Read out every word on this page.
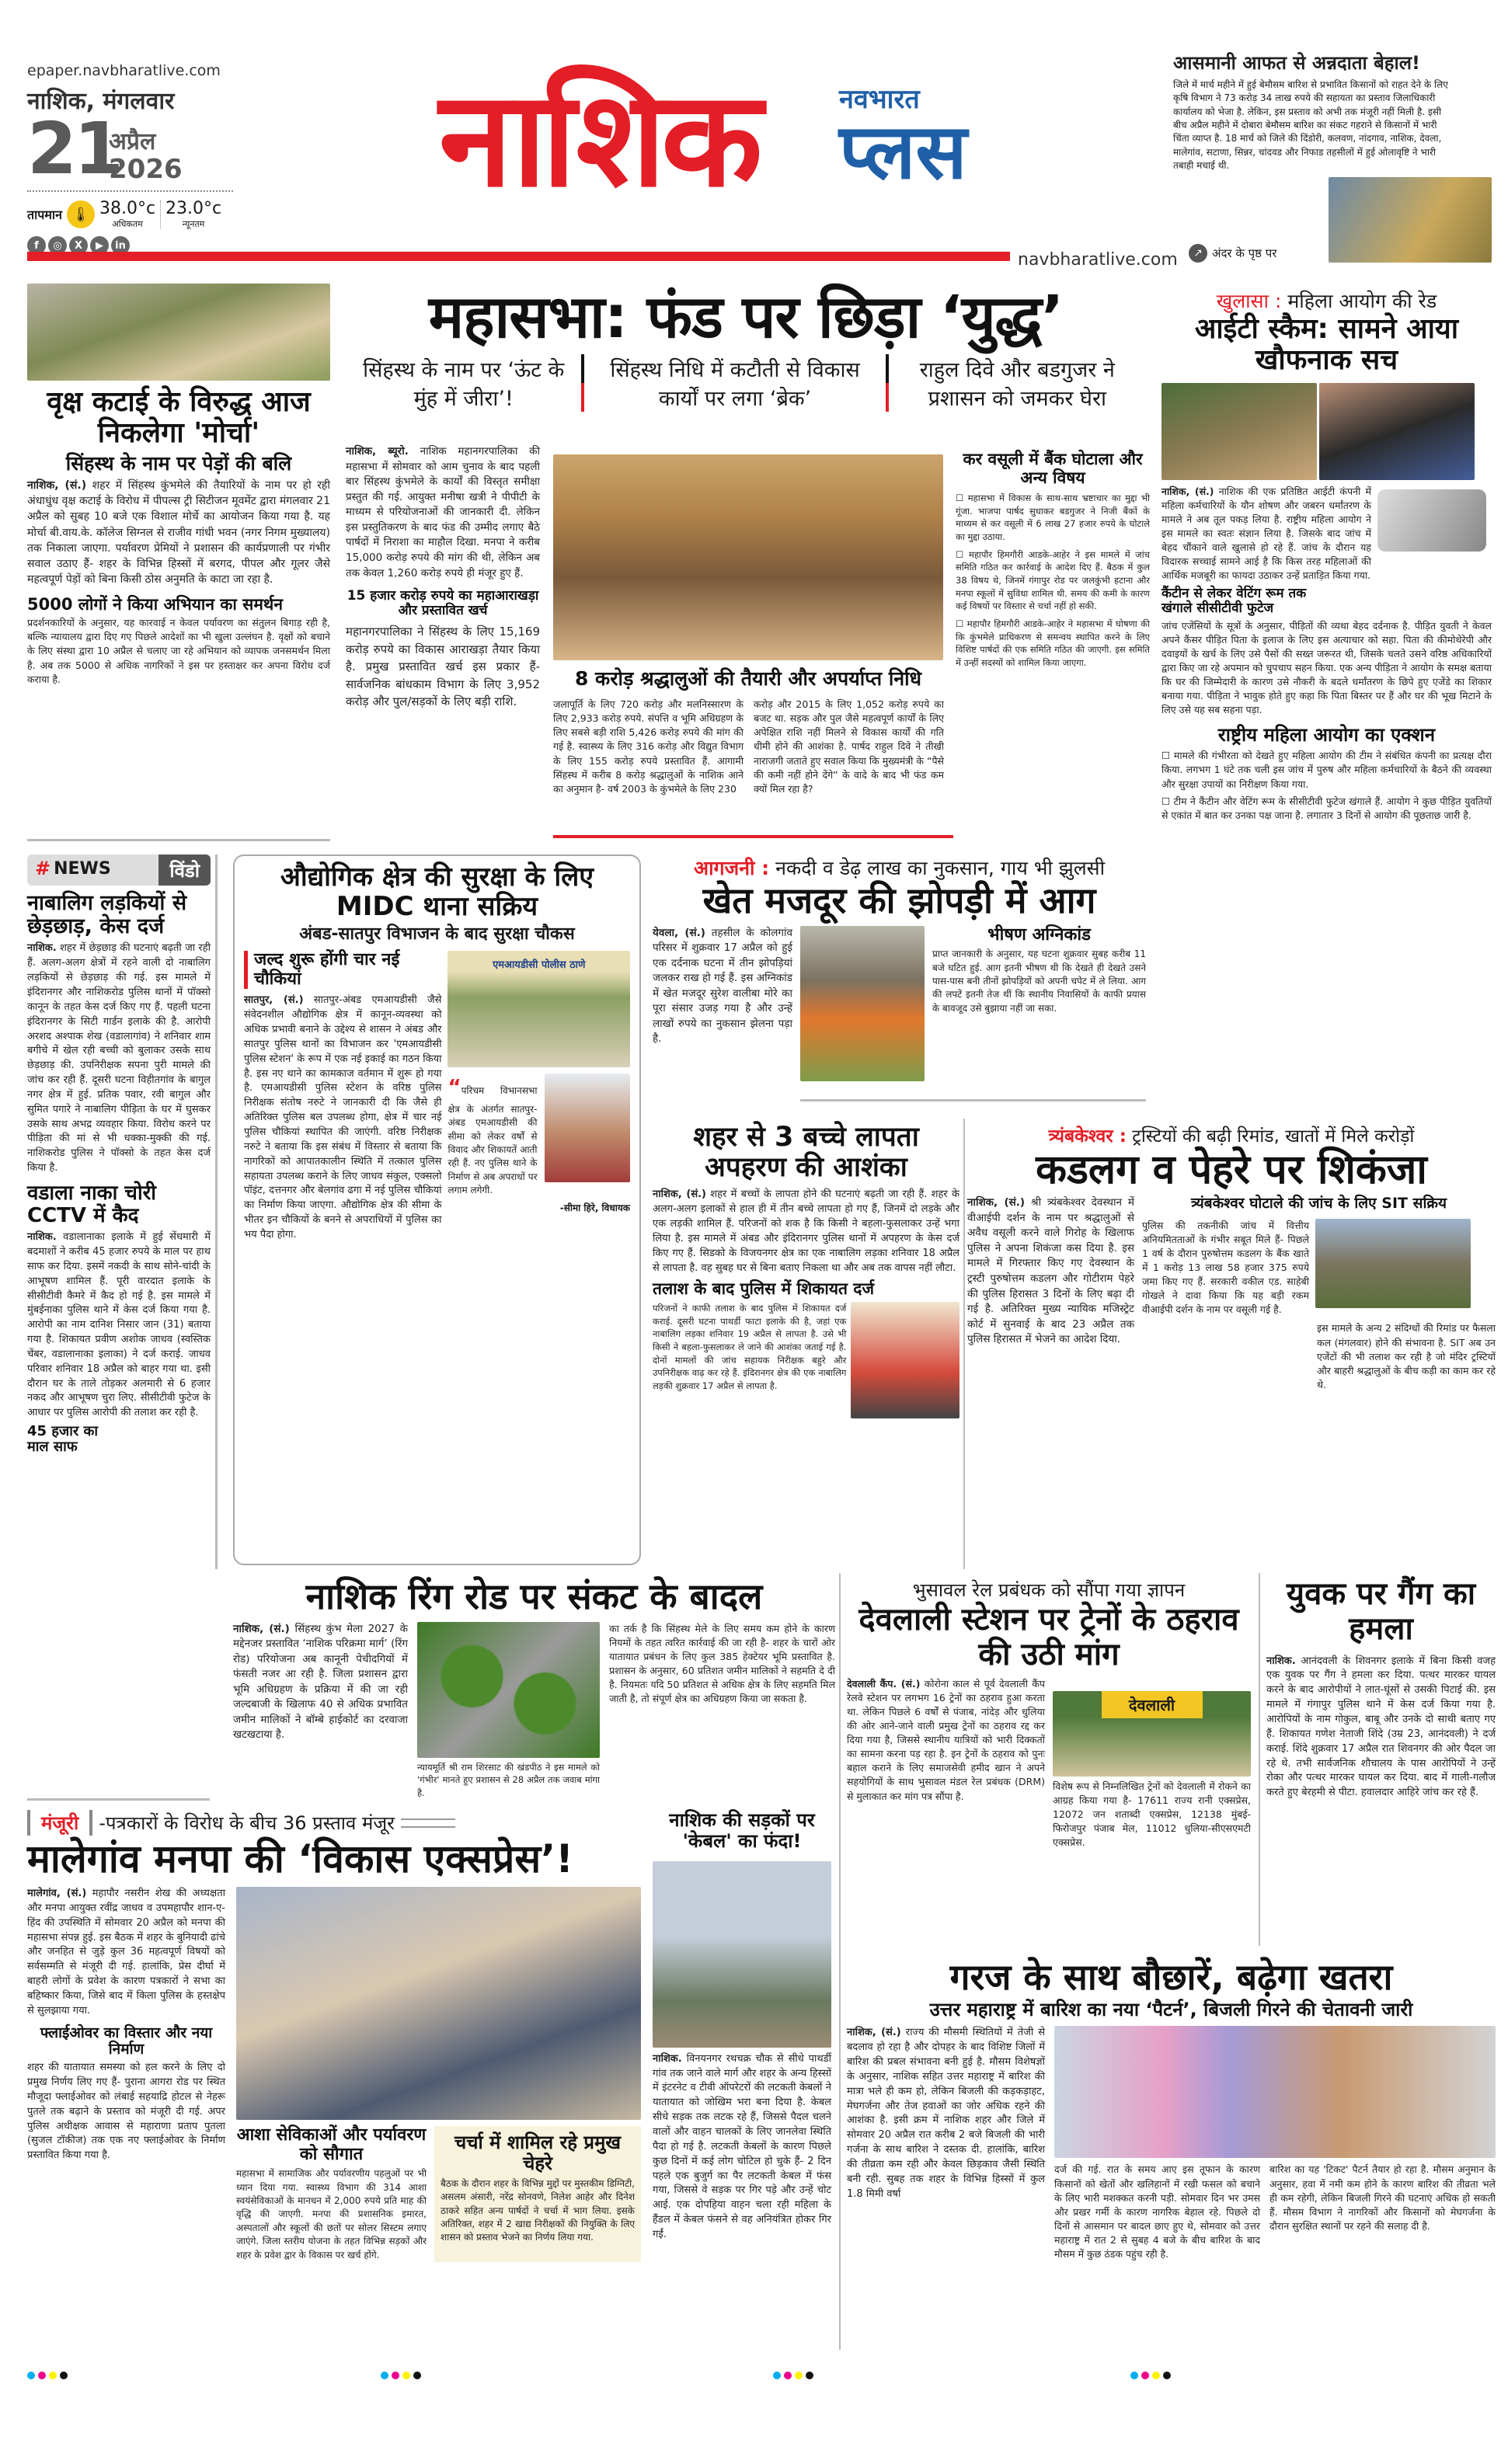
epaper.navbharatlive.com
नाशिक, मंगलवार
21
अप्रैल
2026
तापमान 🌡 38.0°c
अधिकतम
23.0°c
न्यूनतम
f	◎	X	▶	in
नाशिक	नवभारत
प्लस
navbharatlive.com
आसमानी आफत से अन्नदाता बेहाल!
जिले में मार्च महीने में हुई बेमौसम बारिश से प्रभावित किसानों को राहत देने के लिए कृषि विभाग ने 73 करोड़ 34 लाख रुपये की सहायता का प्रस्ताव जिलाधिकारी कार्यालय को भेजा है. लेकिन, इस प्रस्ताव को अभी तक मंजूरी नहीं मिली है. इसी बीच अप्रैल महीने में दोबारा बेमौसम बारिश का संकट गहराने से किसानों में भारी चिंता व्याप्त है. 18 मार्च को जिले की दिंडोरी, कलवण, नांदगाव, नाशिक, देवला, मालेगांव, सटाणा, सिन्नर, चांदवड और निफाड तहसीलों में हुई ओलावृष्टि ने भारी तबाही मचाई थी.
↗ अंदर के पृष्ठ पर
वृक्ष कटाई के विरुद्ध आज निकलेगा 'मोर्चा'
सिंहस्थ के नाम पर पेड़ों की बलि
नाशिक, (सं.) शहर में सिंहस्थ कुंभमेले की तैयारियों के नाम पर हो रही अंधाधुंध वृक्ष कटाई के विरोध में पीपल्स ट्री सिटीजन मूवमेंट द्वारा मंगलवार 21 अप्रैल को सुबह 10 बजे एक विशाल मोर्चे का आयोजन किया गया है. यह मोर्चा बी.वाय.के. कॉलेज सिग्नल से राजीव गांधी भवन (नगर निगम मुख्यालय) तक निकाला जाएगा. पर्यावरण प्रेमियों ने प्रशासन की कार्यप्रणाली पर गंभीर सवाल उठाए हैं- शहर के विभिन्न हिस्सों में बरगद, पीपल और गूलर जैसे महत्वपूर्ण पेड़ों को बिना किसी ठोस अनुमति के काटा जा रहा है.
5000 लोगों ने किया अभियान का समर्थन
प्रदर्शनकारियों के अनुसार, यह कारवाई न केवल पर्यावरण का संतुलन बिगाड़ रही है, बल्कि न्यायालय द्वारा दिए गए पिछले आदेशों का भी खुला उल्लंघन है. वृक्षों को बचाने के लिए संस्था द्वारा 10 अप्रैल से चलाए जा रहे अभियान को व्यापक जनसमर्थन मिला है. अब तक 5000 से अधिक नागरिकों ने इस पर हस्ताक्षर कर अपना विरोध दर्ज कराया है.
महासभा: फंड पर छिड़ा ‘युद्ध’
सिंहस्थ के नाम पर ‘ऊंट के मुंह में जीरा’!
सिंहस्थ निधि में कटौती से विकास कार्यों पर लगा ‘ब्रेक’
राहुल दिवे और बडगुजर ने प्रशासन को जमकर घेरा
नाशिक, ब्यूरो. नाशिक महानगरपालिका की महासभा में सोमवार को आम चुनाव के बाद पहली बार सिंहस्थ कुंभमेले के कार्यों की विस्तृत समीक्षा प्रस्तुत की गई. आयुक्त मनीषा खत्री ने पीपीटी के माध्यम से परियोजनाओं की जानकारी दी. लेकिन इस प्रस्तुतिकरण के बाद फंड की उम्मीद लगाए बैठे पार्षदों में निराशा का माहौल दिखा. मनपा ने करीब 15,000 करोड़ रुपये की मांग की थी, लेकिन अब तक केवल 1,260 करोड़ रुपये ही मंजूर हुए हैं.
15 हजार करोड़ रुपये का महाआराखड़ा और प्रस्तावित खर्च
महानगरपालिका ने सिंहस्थ के लिए 15,169 करोड़ रुपये का विकास आराखड़ा तैयार किया है. प्रमुख प्रस्तावित खर्च इस प्रकार हैं- सार्वजनिक बांधकाम विभाग के लिए 3,952 करोड़ और पुल/सड़कों के लिए बड़ी राशि.
8 करोड़ श्रद्धालुओं की तैयारी और अपर्याप्त निधि
जलापूर्ति के लिए 720 करोड़ और मलनिस्सारण के लिए 2,933 करोड़ रुपये. संपत्ति व भूमि अधिग्रहण के लिए सबसे बड़ी राशि 5,426 करोड़ रुपये की मांग की गई है. स्वास्थ्य के लिए 316 करोड़ और विद्युत विभाग के लिए 155 करोड़ रुपये प्रस्तावित हैं. आगामी सिंहस्थ में करीब 8 करोड़ श्रद्धालुओं के नाशिक आने का अनुमान है- वर्ष 2003 के कुंभमेले के लिए 230
करोड़ और 2015 के लिए 1,052 करोड़ रुपये का बजट था. सड़क और पुल जैसे महत्वपूर्ण कार्यों के लिए अपेक्षित राशि नहीं मिलने से विकास कार्यों की गति धीमी होने की आशंका है. पार्षद राहुल दिवे ने तीखी नाराजगी जताते हुए सवाल किया कि मुख्यमंत्री के “पैसे की कमी नहीं होने देंगे” के वादे के बाद भी फंड कम क्यों मिल रहा है?
कर वसूली में बैंक घोटाला और अन्य विषय

☐ महासभा में विकास के साथ-साथ भ्रष्टाचार का मुद्दा भी गूंजा. भाजपा पार्षद सुधाकर बडगुजर ने निजी बैंकों के माध्यम से कर वसूली में 6 लाख 27 हजार रुपये के घोटाले का मुद्दा उठाया.

☐ महापौर हिमगौरी आडके-आहेर ने इस मामले में जांच समिति गठित कर कार्रवाई के आदेश दिए हैं. बैठक में कुल 38 विषय थे, जिनमें गंगापुर रोड पर जलकुंभी हटाना और मनपा स्कूलों में सुविधा शामिल थी. समय की कमी के कारण कई विषयों पर विस्तार से चर्चा नहीं हो सकी.

☐ महापौर हिमगौरी आडके-आहेर ने महासभा में घोषणा की कि कुंभमेले प्राधिकरण से समन्वय स्थापित करने के लिए विशिष्ट पार्षदों की एक समिति गठित की जाएगी. इस समिति में उन्हीं सदस्यों को शामिल किया जाएगा.

खुलासा : महिला आयोग की रेड
आईटी स्कैम: सामने आया खौफनाक सच
नाशिक, (सं.) नाशिक की एक प्रतिष्ठित आईटी कंपनी में महिला कर्मचारियों के यौन शोषण और जबरन धर्मांतरण के मामले ने अब तूल पकड़ लिया है. राष्ट्रीय महिला आयोग ने इस मामले का स्वतः संज्ञान लिया है. जिसके बाद जांच में बेहद चौंकाने वाले खुलासे हो रहे हैं. जांच के दौरान यह विदारक सच्चाई सामने आई है कि किस तरह महिलाओं की आर्थिक मजबूरी का फायदा उठाकर उन्हें प्रताड़ित किया गया.
कैंटीन से लेकर वेटिंग रूम तक खंगाले सीसीटीवी फुटेज
जांच एजेंसियों के सूत्रों के अनुसार, पीड़ितों की व्यथा बेहद दर्दनाक है. पीड़ित युवती ने केवल अपने कैंसर पीड़ित पिता के इलाज के लिए इस अत्याचार को सहा. पिता की कीमोथेरेपी और दवाइयों के खर्च के लिए उसे पैसों की सख्त जरूरत थी, जिसके चलते उसने वरिष्ठ अधिकारियों द्वारा किए जा रहे अपमान को चुपचाप सहन किया. एक अन्य पीड़िता ने आयोग के समक्ष बताया कि घर की जिम्मेदारी के कारण उसे नौकरी के बदले धर्मांतरण के छिपे हुए एजेंडे का शिकार बनाया गया. पीड़िता ने भावुक होते हुए कहा कि पिता बिस्तर पर हैं और घर की भूख मिटाने के लिए उसे यह सब सहना पड़ा.
राष्ट्रीय महिला आयोग का एक्शन

☐ मामले की गंभीरता को देखते हुए महिला आयोग की टीम ने संबंधित कंपनी का प्रत्यक्ष दौरा किया. लगभग 1 घंटे तक चली इस जांच में पुरुष और महिला कर्मचारियों के बैठने की व्यवस्था और सुरक्षा उपायों का निरीक्षण किया गया.

☐ टीम ने कैंटीन और वेटिंग रूम के सीसीटीवी फुटेज खंगाले हैं. आयोग ने कुछ पीड़ित युवतियों से एकांत में बात कर उनका पक्ष जाना है. लगातार 3 दिनों से आयोग की पूछताछ जारी है.

# NEWS	विंडो
नाबालिग लड़कियों से छेड़छाड़, केस दर्ज
नाशिक. शहर में छेड़छाड़ की घटनाएं बढ़ती जा रही हैं. अलग-अलग क्षेत्रों में रहने वाली दो नाबालिग लड़कियों से छेड़छाड़ की गई. इस मामले में इंदिरानगर और नाशिकरोड पुलिस थानों में पॉक्सो कानून के तहत केस दर्ज किए गए हैं. पहली घटना इंदिरानगर के सिटी गार्डन इलाके की है. आरोपी अरशद अश्पाक शेख (वडालागांव) ने शनिवार शाम बगीचे में खेल रही बच्ची को बुलाकर उसके साथ छेड़छाड़ की. उपनिरीक्षक सपना पुरी मामले की जांच कर रही हैं. दूसरी घटना विहीतगांव के बागुल नगर क्षेत्र में हुई. प्रतिक पवार, रवी बागुल और सुमित पगारे ने नाबालिग पीड़िता के घर में घुसकर उसके साथ अभद्र व्यवहार किया. विरोध करने पर पीड़िता की मां से भी धक्का-मुक्की की गई. नाशिकरोड पुलिस ने पॉक्सो के तहत केस दर्ज किया है.
वडाला नाका चोरी CCTV में कैद
नाशिक. वडालानाका इलाके में हुई सेंधमारी में बदमाशों ने करीब 45 हजार रुपये के माल पर हाथ साफ कर दिया. इसमें नकदी के साथ सोने-चांदी के आभूषण शामिल हैं. पूरी वारदात इलाके के सीसीटीवी कैमरे में कैद हो गई है. इस मामले में मुंबईनाका पुलिस थाने में केस दर्ज किया गया है. आरोपी का नाम दानिश निसार जान (31) बताया गया है. शिकायत प्रवीण अशोक जाधव (स्वस्तिक चेंबर, वडालानाका इलाका) ने दर्ज कराई. जाधव परिवार शनिवार 18 अप्रैल को बाहर गया था. इसी दौरान घर के ताले तोड़कर अलमारी से 6 हजार नकद और आभूषण चुरा लिए. सीसीटीवी फुटेज के आधार पर पुलिस आरोपी की तलाश कर रही है.
45 हजार का माल साफ
औद्योगिक क्षेत्र की सुरक्षा के लिए MIDC थाना सक्रिय
अंबड-सातपुर विभाजन के बाद सुरक्षा चौकस
जल्द शुरू होंगी चार नई चौकियां
सातपुर, (सं.) सातपुर-अंबड एमआयडीसी जैसे संवेदनशील औद्योगिक क्षेत्र में कानून-व्यवस्था को अधिक प्रभावी बनाने के उद्देश्य से शासन ने अंबड और सातपुर पुलिस थानों का विभाजन कर 'एमआयडीसी पुलिस स्टेशन' के रूप में एक नई इकाई का गठन किया है. इस नए थाने का कामकाज वर्तमान में शुरू हो गया है. एमआयडीसी पुलिस स्टेशन के वरिष्ठ पुलिस निरीक्षक संतोष नरुटे ने जानकारी दी कि जैसे ही अतिरिक्त पुलिस बल उपलब्ध होगा, क्षेत्र में चार नई पुलिस चौकियां स्थापित की जाएंगी. वरिष्ठ निरीक्षक नरुटे ने बताया कि इस संबंध में विस्तार से बताया कि नागरिकों को आपातकालीन स्थिति में तत्काल पुलिस सहायता उपलब्ध कराने के लिए जाधव संकुल, एक्सलो पॉइंट, दत्तनगर और बेलगांव ढगा में नई पुलिस चौकियां का निर्माण किया जाएगा. औद्योगिक क्षेत्र की सीमा के भीतर इन चौकियों के बनने से अपराधियों में पुलिस का भय पैदा होगा.
एमआयडीसी पोलीस ठाणे
“परिचम विभानसभा क्षेत्र के अंतर्गत सातपुर-अंबड एमआयडीसी की सीमा को लेकर वर्षों से विवाद और शिकायतें आती रही हैं. नए पुलिस थाने के निर्माण से अब अपराधों पर लगाम लगेगी.
-सीमा हिरे, विधायक
आगजनी : नकदी व डेढ़ लाख का नुकसान, गाय भी झुलसी
खेत मजदूर की झोपड़ी में आग
येवला, (सं.) तहसील के कोलगांव परिसर में शुक्रवार 17 अप्रैल को हुई एक दर्दनाक घटना में तीन झोपड़ियां जलकर राख हो गई हैं. इस अग्निकांड में खेत मजदूर सुरेश वालीबा मोरे का पूरा संसार उजड़ गया है और उन्हें लाखों रुपये का नुकसान झेलना पड़ा है.
भीषण अग्निकांड
प्राप्त जानकारी के अनुसार, यह घटना शुक्रवार सुबह करीब 11 बजे घटित हुई. आग इतनी भीषण थी कि देखते ही देखते उसने पास-पास बनी तीनों झोपड़ियों को अपनी चपेट में ले लिया. आग की लपटें इतनी तेज थीं कि स्थानीय निवासियों के काफी प्रयास के बावजूद उसे बुझाया नहीं जा सका.
शहर से 3 बच्चे लापता अपहरण की आशंका
नाशिक, (सं.) शहर में बच्चों के लापता होने की घटनाएं बढ़ती जा रही हैं. शहर के अलग-अलग इलाकों से हाल ही में तीन बच्चे लापता हो गए हैं, जिनमें दो लड़के और एक लड़की शामिल हैं. परिजनों को शक है कि किसी ने बहला-फुसलाकर उन्हें भगा लिया है. इस मामले में अंबड और इंदिरानगर पुलिस थानों में अपहरण के केस दर्ज किए गए हैं. सिडको के विजयनगर क्षेत्र का एक नाबालिग लड़का शनिवार 18 अप्रैल से लापता है. वह सुबह घर से बिना बताए निकला था और अब तक वापस नहीं लौटा.
तलाश के बाद पुलिस में शिकायत दर्ज
परिजनों ने काफी तलाश के बाद पुलिस में शिकायत दर्ज कराई. दूसरी घटना पाथर्डी फाटा इलाके की है, जहां एक नाबालिग लड़का शनिवार 19 अप्रैल से लापता है. उसे भी किसी ने बहला-फुसलाकर ले जाने की आशंका जताई गई है. दोनों मामलों की जांच सहायक निरीक्षक बहुरे और उपनिरीक्षक वाढ़ कर रहे हैं. इंदिरानगर क्षेत्र की एक नाबालिग लड़की शुक्रवार 17 अप्रैल से लापता है.
त्र्यंबकेश्वर : ट्रस्टियों की बढ़ी रिमांड, खातों में मिले करोड़ों
कडलग व पेहरे पर शिकंजा
नाशिक, (सं.) श्री त्र्यंबकेश्वर देवस्थान में वीआईपी दर्शन के नाम पर श्रद्धालुओं से अवैध वसूली करने वाले गिरोह के खिलाफ पुलिस ने अपना शिकंजा कस दिया है. इस मामले में गिरफ्तार किए गए देवस्थान के ट्रस्टी पुरुषोत्तम कडलग और गोटीराम पेहरे की पुलिस हिरासत 3 दिनों के लिए बढ़ा दी गई है. अतिरिक्त मुख्य न्यायिक मजिस्ट्रेट कोर्ट में सुनवाई के बाद 23 अप्रैल तक पुलिस हिरासत में भेजने का आदेश दिया.
त्र्यंबकेश्वर घोटाले की जांच के लिए SIT सक्रिय
पुलिस की तकनीकी जांच में वित्तीय अनियमितताओं के गंभीर सबूत मिले हैं- पिछले 1 वर्ष के दौरान पुरुषोत्तम कडलग के बैंक खाते में 1 करोड़ 13 लाख 58 हजार 375 रुपये जमा किए गए हैं. सरकारी वकील एड. साहेबी गोखले ने दावा किया कि यह बड़ी रकम वीआईपी दर्शन के नाम पर वसूली गई है.
इस मामले के अन्य 2 संदिग्धों की रिमांड पर फैसला कल (मंगलवार) होने की संभावना है. SIT अब उन एजेंटों की भी तलाश कर रही है जो मंदिर ट्रस्टियों और बाहरी श्रद्धालुओं के बीच कड़ी का काम कर रहे थे.
नाशिक रिंग रोड पर संकट के बादल
नाशिक, (सं.) सिंहस्थ कुंभ मेला 2027 के मद्देनजर प्रस्तावित ‘नाशिक परिक्रमा मार्ग’ (रिंग रोड) परियोजना अब कानूनी पेचीदगियों में फंसती नजर आ रही है. जिला प्रशासन द्वारा भूमि अधिग्रहण के प्रक्रिया में की जा रही जल्दबाजी के खिलाफ 40 से अधिक प्रभावित जमीन मालिकों ने बॉम्बे हाईकोर्ट का दरवाजा खटखटाया है.
न्यायमूर्ति श्री राम शिरसाट की खंडपीठ ने इस मामले को 'गंभीर' मानते हुए प्रशासन से 28 अप्रैल तक जवाब मांगा है.
का तर्क है कि सिंहस्थ मेले के लिए समय कम होने के कारण नियमों के तहत त्वरित कार्रवाई की जा रही है- शहर के चारों ओर यातायात प्रबंधन के लिए कुल 385 हेक्टेयर भूमि प्रस्तावित है. प्रशासन के अनुसार, 60 प्रतिशत जमीन मालिकों ने सहमति दे दी है. नियमतः यदि 50 प्रतिशत से अधिक क्षेत्र के लिए सहमति मिल जाती है, तो संपूर्ण क्षेत्र का अधिग्रहण किया जा सकता है.
भुसावल रेल प्रबंधक को सौंपा गया ज्ञापन
देवलाली स्टेशन पर ट्रेनों के ठहराव की उठी मांग
देवलाली कैंप. (सं.) कोरोना काल से पूर्व देवलाली कैंप रेलवे स्टेशन पर लगभग 16 ट्रेनों का ठहराव हुआ करता था. लेकिन पिछले 6 वर्षों से पंजाब, नांदेड़ और धुलिया की ओर आने-जाने वाली प्रमुख ट्रेनों का ठहराव रद्द कर दिया गया है, जिससे स्थानीय यात्रियों को भारी दिक्कतों का सामना करना पड़ रहा है. इन ट्रेनों के ठहराव को पुनः बहाल कराने के लिए समाजसेवी हमीद खान ने अपने सहयोगियों के साथ भुसावल मंडल रेल प्रबंधक (DRM) से मुलाकात कर मांग पत्र सौंपा है.
देवलाली
विशेष रूप से निम्नलिखित ट्रेनों को देवलाली में रोकने का आग्रह किया गया है- 17611 राज्य रानी एक्सप्रेस, 12072 जन शताब्दी एक्सप्रेस, 12138 मुंबई-फिरोजपुर पंजाब मेल, 11012 धुलिया-सीएसएमटी एक्सप्रेस.
युवक पर गैंग का हमला
नाशिक. आनंदवली के शिवनगर इलाके में बिना किसी वजह एक युवक पर गैंग ने हमला कर दिया. पत्थर मारकर घायल करने के बाद आरोपीयों ने लात-घूंसों से उसकी पिटाई की. इस मामले में गंगापुर पुलिस थाने में केस दर्ज किया गया है. आरोपियों के नाम गोकुल, बाबू और उनके दो साथी बताए गए हैं. शिकायत गणेश नेताजी शिंदे (उम्र 23, आनंदवली) ने दर्ज कराई. शिंदे शुक्रवार 17 अप्रैल रात शिवनगर की ओर पैदल जा रहे थे. तभी सार्वजनिक शौचालय के पास आरोपियों ने उन्हें रोका और पत्थर मारकर घायल कर दिया. बाद में गाली-गलौज करते हुए बेरहमी से पीटा. हवालदार आहिरे जांच कर रहे हैं.
मंजूरी	-पत्रकारों के विरोध के बीच 36 प्रस्ताव मंजूर
मालेगांव मनपा की ‘विकास एक्सप्रेस’!
मालेगांव, (सं.) महापौर नसरीन शेख की अध्यक्षता और मनपा आयुक्त रवींद्र जाधव व उपमहापौर शान-ए-हिंद की उपस्थिति में सोमवार 20 अप्रैल को मनपा की महासभा संपन्न हुई. इस बैठक में शहर के बुनियादी ढांचे और जनहित से जुड़े कुल 36 महत्वपूर्ण विषयों को सर्वसम्मति से मंजूरी दी गई. हालांकि, प्रेस दीर्घा में बाहरी लोगों के प्रवेश के कारण पत्रकारों ने सभा का बहिष्कार किया, जिसे बाद में किला पुलिस के हस्तक्षेप से सुलझाया गया.
फ्लाईओवर का विस्तार और नया निर्माण
शहर की यातायात समस्या को हल करने के लिए दो प्रमुख निर्णय लिए गए हैं- पुराना आगरा रोड पर स्थित मौजूदा फ्लाईओवर को लंबाई सहयाद्रि होटल से नेहरू पुतले तक बढ़ाने के प्रस्ताव को मंजूरी दी गई. अपर पुलिस अधीक्षक आवास से महाराणा प्रताप पुतला (सुजल टॉकीज) तक एक नए फ्लाईओवर के निर्माण प्रस्तावित किया गया है.
आशा सेविकाओं और पर्यावरण को सौगात
महासभा में सामाजिक और पर्यावरणीय पहलुओं पर भी ध्यान दिया गया. स्वास्थ्य विभाग की 314 आशा स्वयंसेविकाओं के मानधन में 2,000 रुपये प्रति माह की वृद्धि की जाएगी. मनपा की प्रशासनिक इमारत, अस्पतालों और स्कूलों की छतों पर सोलर सिस्टम लगाए जाएंगे. जिला स्तरीय योजना के तहत विभिन्न सड़कों और शहर के प्रवेश द्वार के विकास पर खर्च होंगे.
चर्चा में शामिल रहे प्रमुख चेहरे
बैठक के दौरान शहर के विभिन्न मुद्दों पर मुस्तकीम डिग्निटी, असलम अंसारी, नरेंद्र सोनवणे, निलेश आहेर और दिनेश ठाकरे सहित अन्य पार्षदों ने चर्चा में भाग लिया. इसके अतिरिक्त, शहर में 2 खाद्य निरीक्षकों की नियुक्ति के लिए शासन को प्रस्ताव भेजने का निर्णय लिया गया.
नाशिक की सड़कों पर 'केबल' का फंदा!
नाशिक. विनयनगर रथचक्र चौक से सीधे पाथर्डी गांव तक जाने वाले मार्ग और शहर के अन्य हिस्सों में इंटरनेट व टीवी ऑपरेटरों की लटकती केबलों ने यातायात को जोखिम भरा बना दिया है. केबल सीधे सड़क तक लटक रहे हैं, जिससे पैदल चलने वालों और वाहन चालकों के लिए जानलेवा स्थिति पैदा हो गई है. लटकती केबलों के कारण पिछले कुछ दिनों में कई लोग चोटिल हो चुके हैं- 2 दिन पहले एक बुजुर्ग का पैर लटकती केबल में फंस गया, जिससे वे सड़क पर गिर पड़े और उन्हें चोट आई. एक दोपहिया वाहन चला रही महिला के हैंडल में केबल फंसने से वह अनियंत्रित होकर गिर गईं.
गरज के साथ बौछारें, बढ़ेगा खतरा
उत्तर महाराष्ट्र में बारिश का नया ‘पैटर्न’, बिजली गिरने की चेतावनी जारी
नाशिक, (सं.) राज्य की मौसमी स्थितियों में तेजी से बदलाव हो रहा है और दोपहर के बाद विशिष्ट जिलों में बारिश की प्रबल संभावना बनी हुई है. मौसम विशेषज्ञों के अनुसार, नाशिक सहित उत्तर महाराष्ट्र में बारिश की मात्रा भले ही कम हो, लेकिन बिजली की कड़कड़ाहट, मेघगर्जना और तेज हवाओं का जोर अधिक रहने की आशंका है. इसी क्रम में नाशिक शहर और जिले में सोमवार 20 अप्रैल रात करीब 2 बजे बिजली की भारी गर्जना के साथ बारिश ने दस्तक दी. हालांकि, बारिश की तीव्रता कम रही और केवल छिड़काव जैसी स्थिति बनी रही. सुबह तक शहर के विभिन्न हिस्सों में कुल 1.8 मिमी वर्षा
दर्ज की गई. रात के समय आए इस तूफान के कारण किसानों को खेतों और खलिहानों में रखी फसल को बचाने के लिए भारी मशक्कत करनी पड़ी. सोमवार दिन भर उमस और प्रखर गर्मी के कारण नागरिक बेहाल रहे. पिछले दो दिनों से आसमान पर बादल छाए हुए थे, सोमवार को उत्तर महाराष्ट्र में रात 2 से सुबह 4 बजे के बीच बारिश के बाद मौसम में कुछ ठंडक पहुंच रही है.
बारिश का यह 'टिकट' पैटर्न तैयार हो रहा है. मौसम अनुमान के अनुसार, हवा में नमी कम होने के कारण बारिश की तीव्रता भले ही कम रहेगी, लेकिन बिजली गिरने की घटनाएं अधिक हो सकती हैं. मौसम विभाग ने नागरिकों और किसानों को मेघगर्जना के दौरान सुरक्षित स्थानों पर रहने की सलाह दी है.
